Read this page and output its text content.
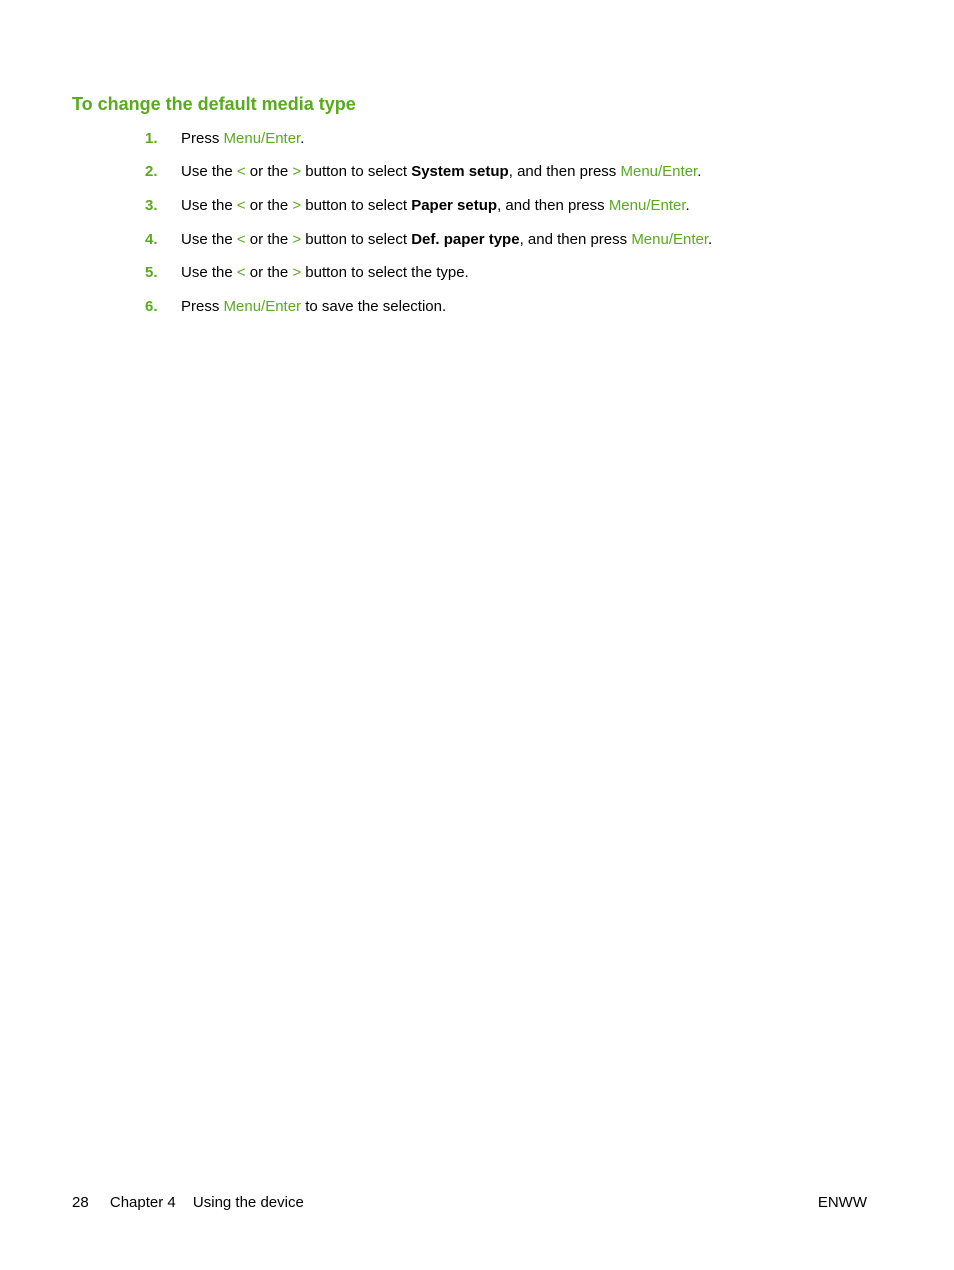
To change the default media type
1. Press Menu/Enter.
2. Use the < or the > button to select System setup, and then press Menu/Enter.
3. Use the < or the > button to select Paper setup, and then press Menu/Enter.
4. Use the < or the > button to select Def. paper type, and then press Menu/Enter.
5. Use the < or the > button to select the type.
6. Press Menu/Enter to save the selection.
28 Chapter 4 Using the device	ENWW
